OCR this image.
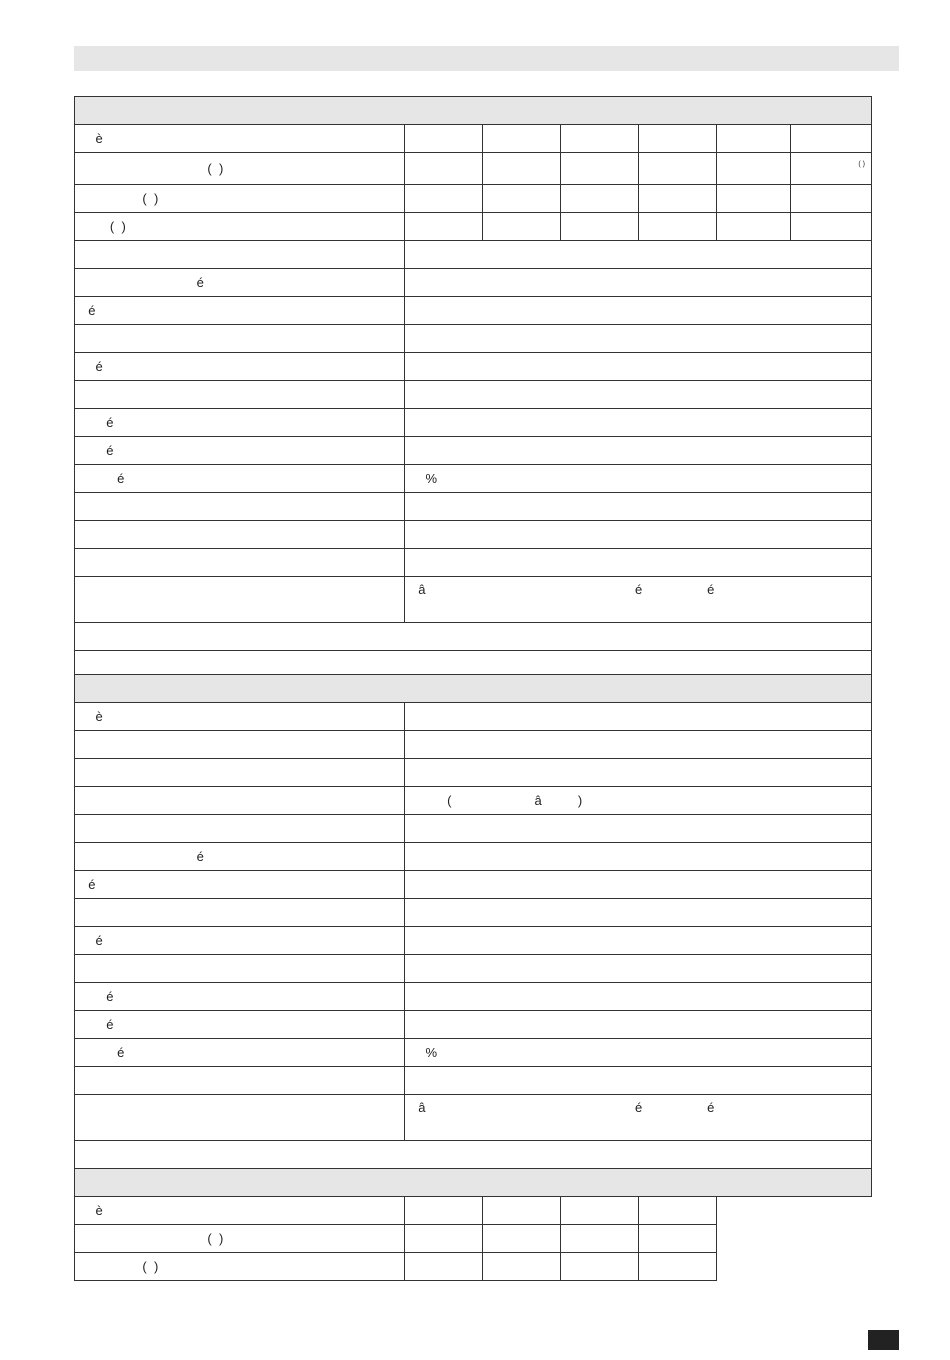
è						
(  )						( )
(  )						
(  )						

é						
é						

é						

é						
é						
é	%					

	â                                                          é                  é					

è	

	(                       â          )

é	
é	

é	

é	
é	
é	%

	â                                                          é                  é

è					
(  )					
(  )					
